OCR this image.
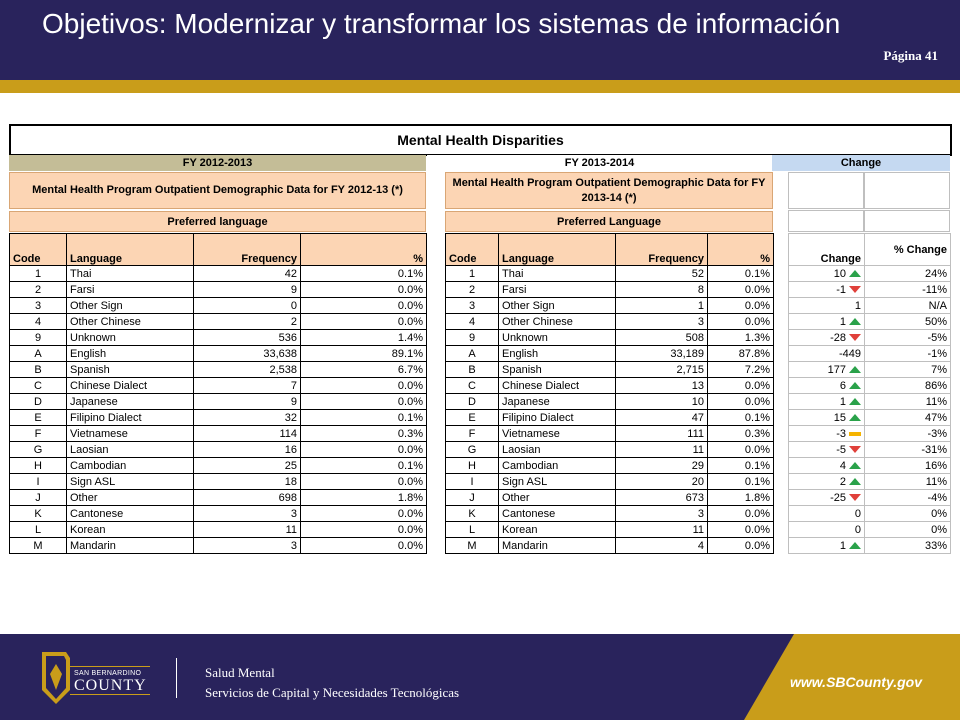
Objetivos: Modernizar y transformar los sistemas de información
Página 41
Mental Health Disparities
FY 2012-2013	FY 2013-2014	Change
Mental Health Program Outpatient Demographic Data for FY 2012-13 (*)
Mental Health Program Outpatient Demographic Data for FY 2013-14 (*)
Preferred language	Preferred Language
Code	Language	Frequency	%
1	Thai	42	0.1%
2	Farsi	9	0.0%
3	Other Sign	0	0.0%
4	Other Chinese	2	0.0%
9	Unknown	536	1.4%
A	English	33,638	89.1%
B	Spanish	2,538	6.7%
C	Chinese Dialect	7	0.0%
D	Japanese	9	0.0%
E	Filipino Dialect	32	0.1%
F	Vietnamese	114	0.3%
G	Laosian	16	0.0%
H	Cambodian	25	0.1%
I	Sign ASL	18	0.0%
J	Other	698	1.8%
K	Cantonese	3	0.0%
L	Korean	11	0.0%
M	Mandarin	3	0.0%
Code	Language	Frequency	%
1	Thai	52	0.1%
2	Farsi	8	0.0%
3	Other Sign	1	0.0%
4	Other Chinese	3	0.0%
9	Unknown	508	1.3%
A	English	33,189	87.8%
B	Spanish	2,715	7.2%
C	Chinese Dialect	13	0.0%
D	Japanese	10	0.0%
E	Filipino Dialect	47	0.1%
F	Vietnamese	111	0.3%
G	Laosian	11	0.0%
H	Cambodian	29	0.1%
I	Sign ASL	20	0.1%
J	Other	673	1.8%
K	Cantonese	3	0.0%
L	Korean	11	0.0%
M	Mandarin	4	0.0%
Change	% Change
10	24%
-1	-11%
1	N/A
1	50%
-28	-5%
-449	-1%
177	7%
6	86%
1	11%
15	47%
-3	-3%
-5	-31%
4	16%
2	11%
-25	-4%
0	0%
0	0%
1	33%
SAN BERNARDINO
COUNTY
Salud Mental
Servicios de Capital y Necesidades Tecnológicas
www.SBCounty.gov
